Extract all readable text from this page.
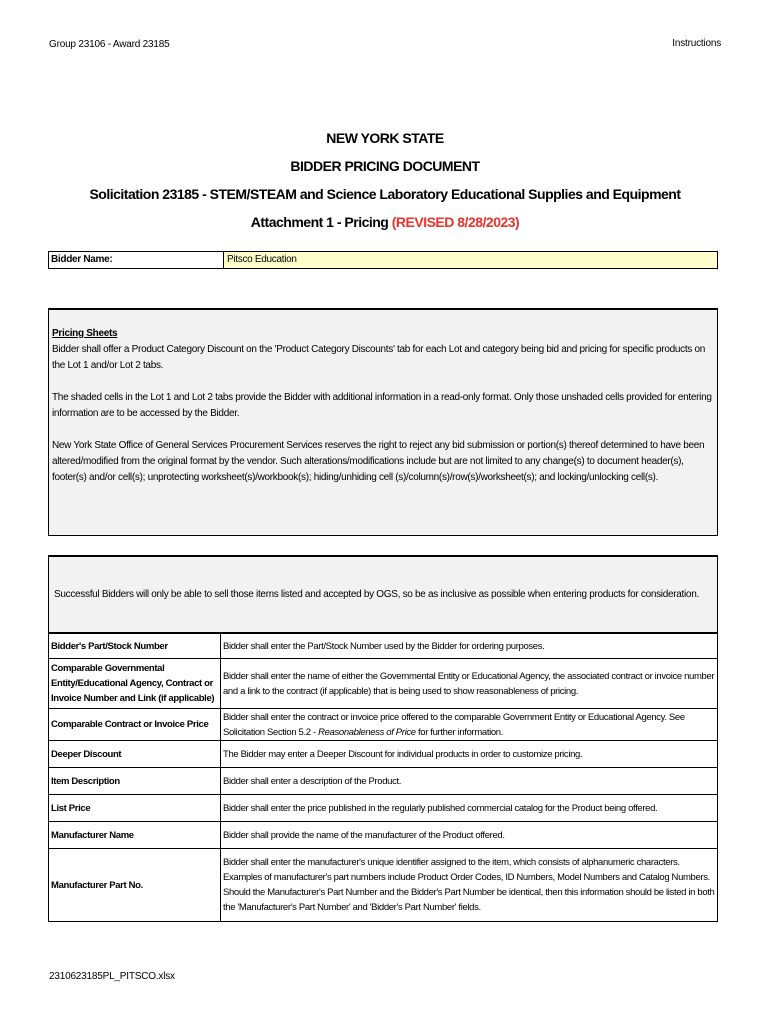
Group 23106 - Award 23185	Instructions
NEW YORK STATE
BIDDER PRICING DOCUMENT
Solicitation 23185 - STEM/STEAM and Science Laboratory Educational Supplies and Equipment
Attachment 1 - Pricing (REVISED 8/28/2023)
Bidder Name:	Pitsco Education
Pricing Sheets

Bidder shall offer a Product Category Discount on the 'Product Category Discounts' tab for each Lot and category being bid and pricing for specific products on the Lot 1 and/or Lot 2 tabs.

The shaded cells in the Lot 1 and Lot 2 tabs provide the Bidder with additional information in a read-only format. Only those unshaded cells provided for entering information are to be accessed by the Bidder.

New York State Office of General Services Procurement Services reserves the right to reject any bid submission or portion(s) thereof determined to have been altered/modified from the original format by the vendor. Such alterations/modifications include but are not limited to any change(s) to document header(s), footer(s) and/or cell(s); unprotecting worksheet(s)/workbook(s); hiding/unhiding cell (s)/column(s)/row(s)/worksheet(s); and locking/unlocking cell(s).

Successful Bidders will only be able to sell those items listed and accepted by OGS, so be as inclusive as possible when entering products for consideration.
Bidder's Part/Stock Number	Bidder shall enter the Part/Stock Number used by the Bidder for ordering purposes.
Comparable Governmental Entity/Educational Agency, Contract or Invoice Number and Link (if applicable)	Bidder shall enter the name of either the Governmental Entity or Educational Agency, the associated contract or invoice number and a link to the contract (if applicable) that is being used to show reasonableness of pricing.
Comparable Contract or Invoice Price	Bidder shall enter the contract or invoice price offered to the comparable Government Entity or Educational Agency. See Solicitation Section 5.2 - Reasonableness of Price for further information.
Deeper Discount	The Bidder may enter a Deeper Discount for individual products in order to customize pricing.
Item Description	Bidder shall enter a description of the Product.
List Price	Bidder shall enter the price published in the regularly published commercial catalog for the Product being offered.
Manufacturer Name	Bidder shall provide the name of the manufacturer of the Product offered.
Manufacturer Part No.	Bidder shall enter the manufacturer's unique identifier assigned to the item, which consists of alphanumeric characters. Examples of manufacturer's part numbers include Product Order Codes, ID Numbers, Model Numbers and Catalog Numbers. Should the Manufacturer's Part Number and the Bidder's Part Number be identical, then this information should be listed in both the 'Manufacturer's Part Number' and 'Bidder's Part Number' fields.
2310623185PL_PITSCO.xlsx
